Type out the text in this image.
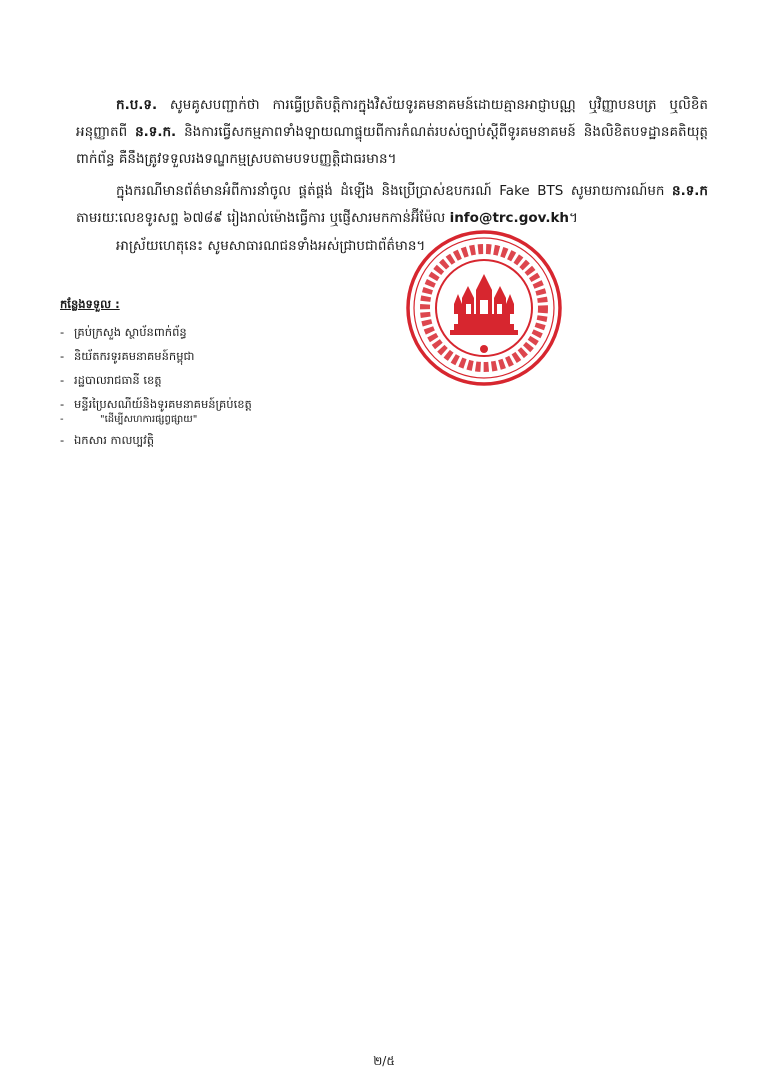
ក.ប.ទ. សូមគូសបញ្ជាក់ថា ការធ្វើប្រតិបត្តិការក្នុងវិស័យទូរគមនាគមន៍ដោយគ្មានអាជ្ញាបណ្ណ ឬវិញ្ញាបនបត្រ ឬលិខិតអនុញ្ញាតពី ន.ទ.ក. និងការធ្វើសកម្មភាពទាំងឡាយណាផ្ទុយពីការកំណត់របស់ច្បាប់ស្តីពីទូរគមនាគមន៍ និងលិខិតបទដ្ឋានគតិយុត្តពាក់ព័ន្ធ គឺនឹងត្រូវទទួលរងទណ្ឌកម្មស្របតាមបទបញ្ញត្តិជាធរមាន។
ក្នុងករណីមានព័ត៌មានអំពីការនាំចូល ផ្គត់ផ្គង់ ដំឡើង និងប្រើប្រាស់ឧបករណ៍ Fake BTS សូមរាយការណ៍មក ន.ទ.ក តាមរយៈលេខទូរសព្ទ ៦៧៨៩ រៀងរាល់ម៉ោងធ្វើការ ឬផ្ញើសារមកកាន់អ៊ីម៉ែល info@trc.gov.kh។
អាស្រ័យហេតុនេះ សូមសាធារណជនទាំងអស់ជ្រាបជាព័ត៌មាន។
កន្លែងទទួល :
- គ្រប់ក្រសួង ស្ថាប័នពាក់ព័ន្ធ
- និយ័តករទូរគមនាគមន៍កម្ពុជា
- រដ្ឋបាលរាជធានី ខេត្ត
- មន្ទីរប្រៃសណីយ៍និងទូរគមនាគមន៍គ្រប់ខេត្ត
- "ដើម្បីសហការផ្សព្វផ្សាយ"
- ឯកសារ កាលប្បវត្តិ
២/៥
